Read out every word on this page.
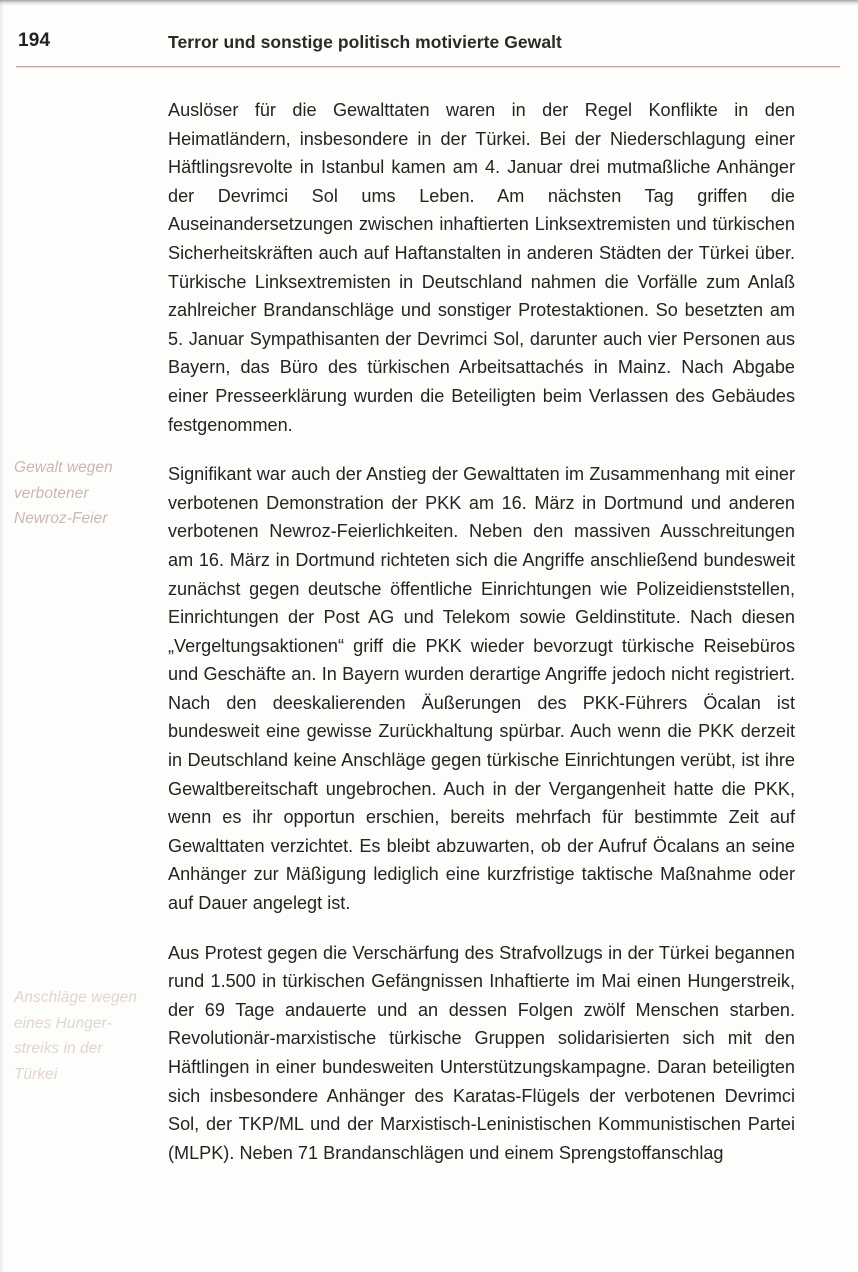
194	Terror und sonstige politisch motivierte Gewalt
Gewalt wegen
verbotener
Newroz-Feier
Anschläge wegen
eines Hunger-
streiks in der
Türkei

Auslöser für die Gewalttaten waren in der Regel Konflikte in den Heimatländern, insbesondere in der Türkei. Bei der Niederschlagung einer Häftlingsrevolte in Istanbul kamen am 4. Januar drei mutmaßliche Anhänger der Devrimci Sol ums Leben. Am nächsten Tag griffen die Auseinandersetzungen zwischen inhaftierten Linksextremisten und türkischen Sicherheitskräften auch auf Haftanstalten in anderen Städten der Türkei über. Türkische Linksextremisten in Deutschland nahmen die Vorfälle zum Anlaß zahlreicher Brandanschläge und sonstiger Protestaktionen. So besetzten am 5. Januar Sympathisanten der Devrimci Sol, darunter auch vier Personen aus Bayern, das Büro des türkischen Arbeitsattachés in Mainz. Nach Abgabe einer Presseerklärung wurden die Beteiligten beim Verlassen des Gebäudes festgenommen.

Signifikant war auch der Anstieg der Gewalttaten im Zusammenhang mit einer verbotenen Demonstration der PKK am 16. März in Dortmund und anderen verbotenen Newroz-Feierlichkeiten. Neben den massiven Ausschreitungen am 16. März in Dortmund richteten sich die Angriffe anschließend bundesweit zunächst gegen deutsche öffentliche Einrichtungen wie Polizeidienststellen, Einrichtungen der Post AG und Telekom sowie Geldinstitute. Nach diesen „Vergeltungsaktionen“ griff die PKK wieder bevorzugt türkische Reisebüros und Geschäfte an. In Bayern wurden derartige Angriffe jedoch nicht registriert. Nach den deeskalierenden Äußerungen des PKK-Führers Öcalan ist bundesweit eine gewisse Zurückhaltung spürbar. Auch wenn die PKK derzeit in Deutschland keine Anschläge gegen türkische Einrichtungen verübt, ist ihre Gewaltbereitschaft ungebrochen. Auch in der Vergangenheit hatte die PKK, wenn es ihr opportun erschien, bereits mehrfach für bestimmte Zeit auf Gewalttaten verzichtet. Es bleibt abzuwarten, ob der Aufruf Öcalans an seine Anhänger zur Mäßigung lediglich eine kurzfristige taktische Maßnahme oder auf Dauer angelegt ist.

Aus Protest gegen die Verschärfung des Strafvollzugs in der Türkei begannen rund 1.500 in türkischen Gefängnissen Inhaftierte im Mai einen Hungerstreik, der 69 Tage andauerte und an dessen Folgen zwölf Menschen starben. Revolutionär-marxistische türkische Gruppen solidarisierten sich mit den Häftlingen in einer bundesweiten Unterstützungskampagne. Daran beteiligten sich insbesondere Anhänger des Karatas-Flügels der verbotenen Devrimci Sol, der TKP/ML und der Marxistisch-Leninistischen Kommunistischen Partei (MLPK). Neben 71 Brandanschlägen und einem Sprengstoffanschlag
